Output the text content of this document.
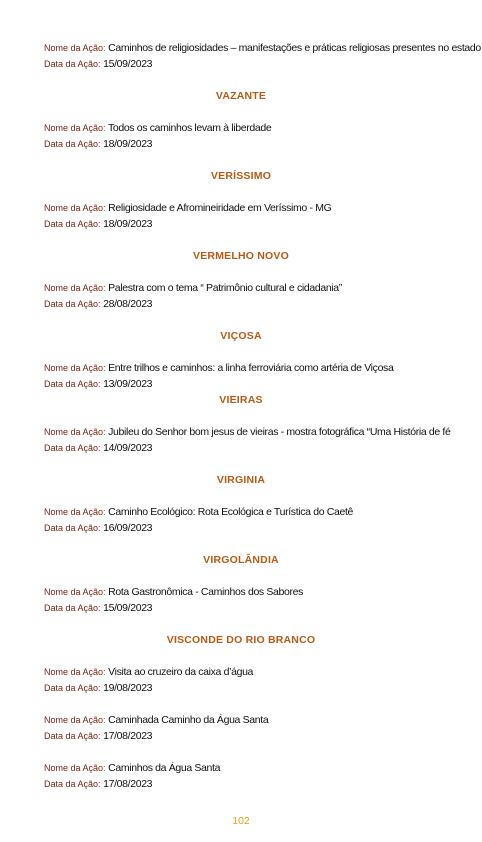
Nome da Ação: Caminhos de religiosidades – manifestações e práticas religiosas presentes no estado
Data da Ação: 15/09/2023
VAZANTE
Nome da Ação: Todos os caminhos levam à liberdade
Data da Ação: 18/09/2023
VERÍSSIMO
Nome da Ação: Religiosidade e Afromineiridade em Veríssimo - MG
Data da Ação: 18/09/2023
VERMELHO NOVO
Nome da Ação: Palestra com o tema “ Patrimônio cultural e cidadania”
Data da Ação: 28/08/2023
VIÇOSA
Nome da Ação: Entre trilhos e caminhos: a linha ferroviária como artéria de Viçosa
Data da Ação: 13/09/2023
VIEIRAS
Nome da Ação: Jubileu do Senhor bom jesus de vieiras - mostra fotográfica “Uma História de fé
Data da Ação: 14/09/2023
VIRGINIA
Nome da Ação: Caminho Ecológico: Rota Ecológica e Turística do Caetê
Data da Ação: 16/09/2023
VIRGOLÂNDIA
Nome da Ação: Rota Gastronômica - Caminhos dos Sabores
Data da Ação: 15/09/2023
VISCONDE DO RIO BRANCO
Nome da Ação: Visita ao cruzeiro da caixa d’água
Data da Ação: 19/08/2023
Nome da Ação: Caminhada Caminho da Água Santa
Data da Ação: 17/08/2023
Nome da Ação: Caminhos da Água Santa
Data da Ação: 17/08/2023
102
